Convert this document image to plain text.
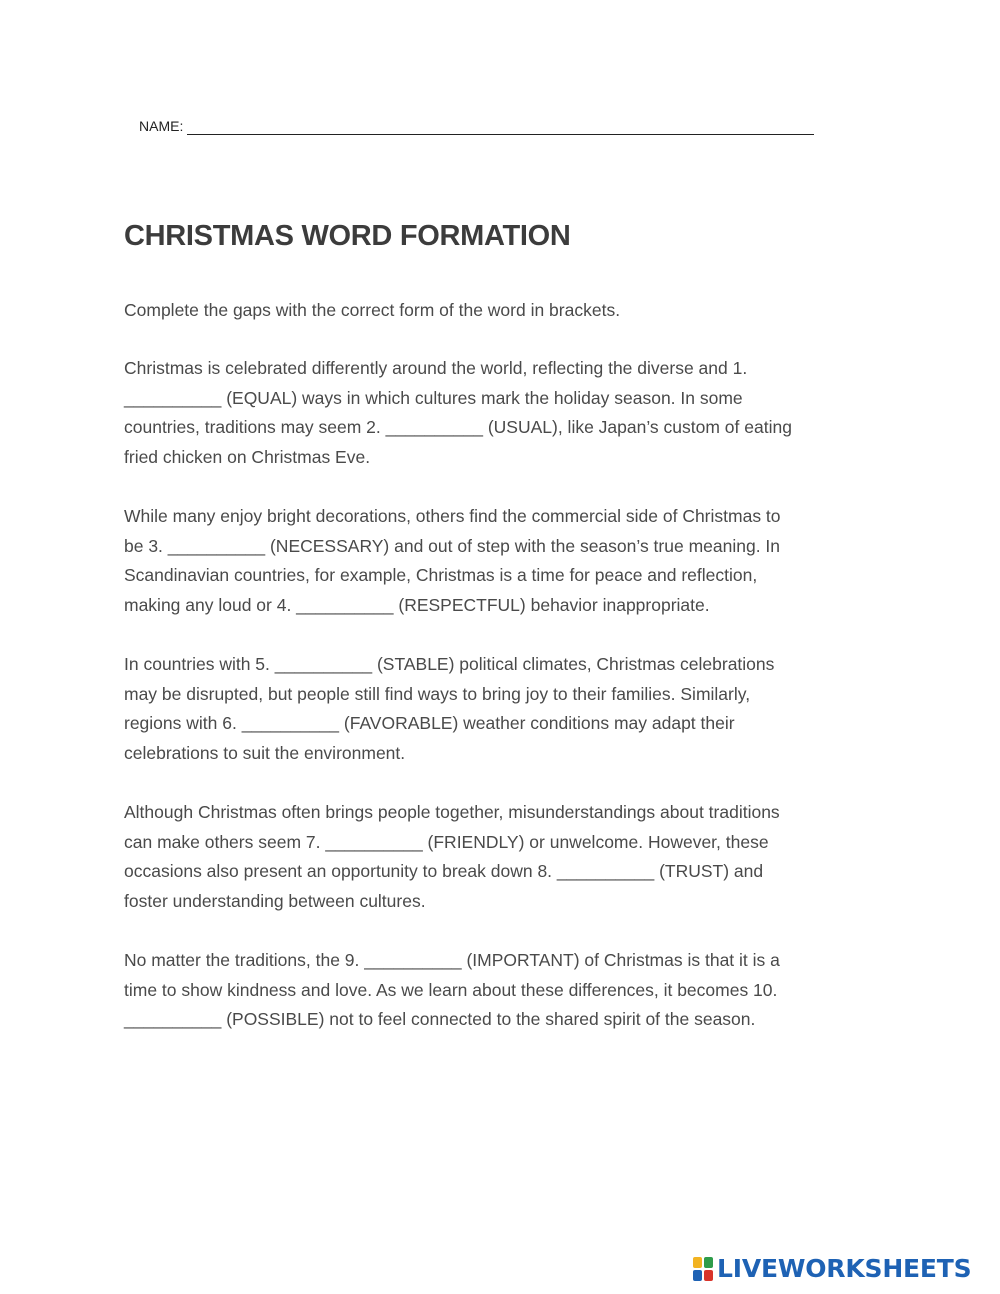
NAME:
CHRISTMAS WORD FORMATION

Complete the gaps with the correct form of the word in brackets.

Christmas is celebrated differently around the world, reflecting the diverse and 1.
__________ (EQUAL) ways in which cultures mark the holiday season. In some
countries, traditions may seem 2. __________ (USUAL), like Japan’s custom of eating
fried chicken on Christmas Eve.
While many enjoy bright decorations, others find the commercial side of Christmas to
be 3. __________ (NECESSARY) and out of step with the season’s true meaning. In
Scandinavian countries, for example, Christmas is a time for peace and reflection,
making any loud or 4. __________ (RESPECTFUL) behavior inappropriate.
In countries with 5. __________ (STABLE) political climates, Christmas celebrations
may be disrupted, but people still find ways to bring joy to their families. Similarly,
regions with 6. __________ (FAVORABLE) weather conditions may adapt their
celebrations to suit the environment.
Although Christmas often brings people together, misunderstandings about traditions
can make others seem 7. __________ (FRIENDLY) or unwelcome. However, these
occasions also present an opportunity to break down 8. __________ (TRUST) and
foster understanding between cultures.
No matter the traditions, the 9. __________ (IMPORTANT) of Christmas is that it is a
time to show kindness and love. As we learn about these differences, it becomes 10.
__________ (POSSIBLE) not to feel connected to the shared spirit of the season.
LIVEWORKSHEETS
